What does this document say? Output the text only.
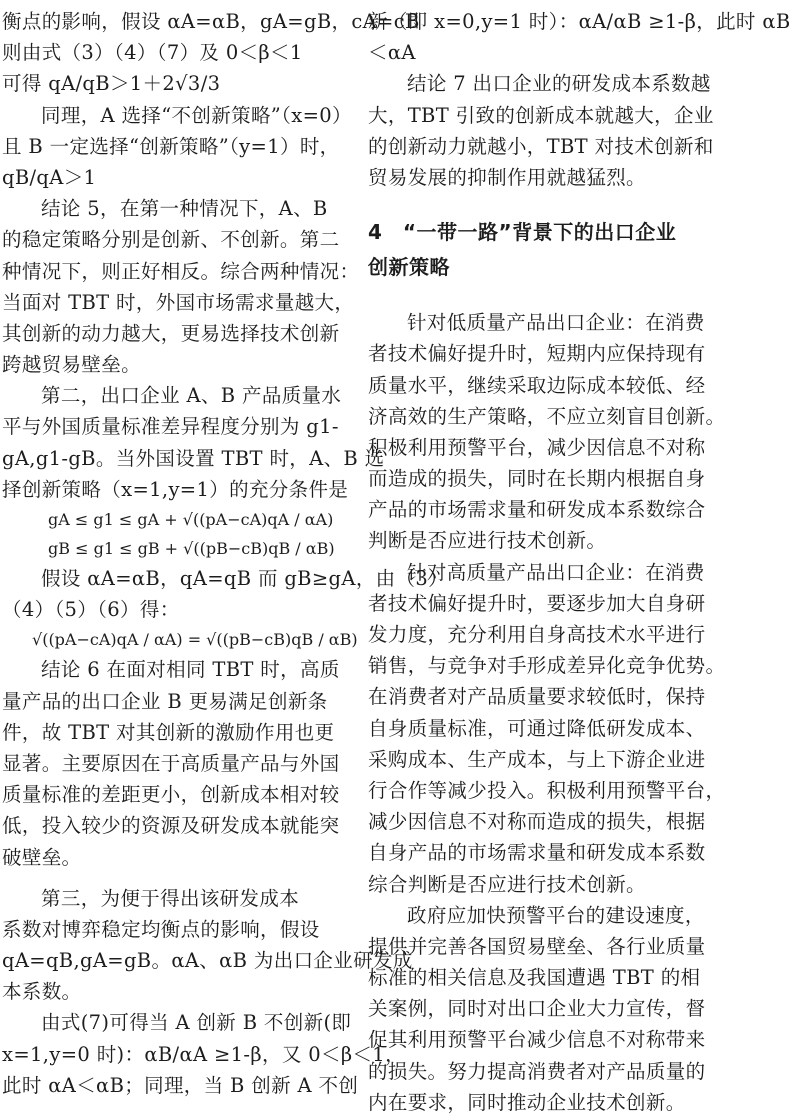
衡点的影响，假设 αA=αB，gA=gB，cA=cB
则由式（3）（4）（7）及 0＜β＜1
可得 qA/qB＞1＋2√3/3
同理，A 选择“不创新策略”（x=0）
且 B 一定选择“创新策略”（y=1）时，
qB/qA＞1
结论 5，在第一种情况下，A、B
的稳定策略分别是创新、不创新。第二
种情况下，则正好相反。综合两种情况：
当面对 TBT 时，外国市场需求量越大，
其创新的动力越大，更易选择技术创新
跨越贸易壁垒。
第二，出口企业 A、B 产品质量水
平与外国质量标准差异程度分别为 g1-
gA,g1-gB。当外国设置 TBT 时，A、B 选
择创新策略（x=1,y=1）的充分条件是
gA ≤ g1 ≤ gA + √((pA−cA)qA / αA)
gB ≤ g1 ≤ gB + √((pB−cB)qB / αB)
假设 αA=αB，qA=qB 而 gB≥gA，由（3）
（4）（5）（6）得：
√((pA−cA)qA / αA) = √((pB−cB)qB / αB)
结论 6 在面对相同 TBT 时，高质
量产品的出口企业 B 更易满足创新条
件，故 TBT 对其创新的激励作用也更
显著。主要原因在于高质量产品与外国
质量标准的差距更小，创新成本相对较
低，投入较少的资源及研发成本就能突
破壁垒。
第三，为便于得出该研发成本
系数对博弈稳定均衡点的影响，假设
qA=qB,gA=gB。αA、αB 为出口企业研发成
本系数。
由式(7)可得当 A 创新 B 不创新(即
x=1,y=0 时)：αB/αA ≥1-β，又 0＜β＜1，
此时 αA＜αB；同理，当 B 创新 A 不创
新（即 x=0,y=1 时）：αA/αB ≥1-β，此时 αB
＜αA
结论 7 出口企业的研发成本系数越
大，TBT 引致的创新成本就越大，企业
的创新动力就越小，TBT 对技术创新和
贸易发展的抑制作用就越猛烈。
4　“一带一路”背景下的出口企业
创新策略
针对低质量产品出口企业：在消费
者技术偏好提升时，短期内应保持现有
质量水平，继续采取边际成本较低、经
济高效的生产策略，不应立刻盲目创新。
积极利用预警平台，减少因信息不对称
而造成的损失，同时在长期内根据自身
产品的市场需求量和研发成本系数综合
判断是否应进行技术创新。
针对高质量产品出口企业：在消费
者技术偏好提升时，要逐步加大自身研
发力度，充分利用自身高技术水平进行
销售，与竞争对手形成差异化竞争优势。
在消费者对产品质量要求较低时，保持
自身质量标准，可通过降低研发成本、
采购成本、生产成本，与上下游企业进
行合作等减少投入。积极利用预警平台，
减少因信息不对称而造成的损失，根据
自身产品的市场需求量和研发成本系数
综合判断是否应进行技术创新。
政府应加快预警平台的建设速度，
提供并完善各国贸易壁垒、各行业质量
标准的相关信息及我国遭遇 TBT 的相
关案例，同时对出口企业大力宣传，督
促其利用预警平台减少信息不对称带来
的损失。努力提高消费者对产品质量的
内在要求，同时推动企业技术创新。
